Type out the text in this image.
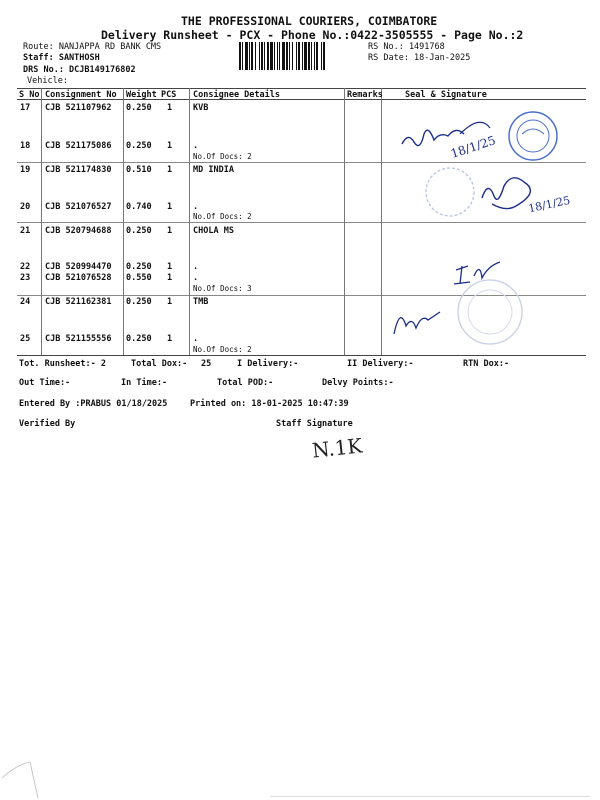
THE PROFESSIONAL COURIERS, COIMBATORE
Delivery Runsheet - PCX - Phone No.:0422-3505555 - Page No.:2
Route: NANJAPPA RD BANK CMS
Staff: SANTHOSH
DRS No.: DCJB149176802
Vehicle:
RS No.: 1491768
RS Date: 18-Jan-2025
S No Consignment No Weight PCS Consignee Details	Remarks	Seal & Signature
17 CJB 521107962 0.250 1 KVB
18 CJB 521175086 0.250 1 .
No.Of Docs: 2
19 CJB 521174830 0.510 1 MD INDIA
20 CJB 521076527 0.740 1 .
No.Of Docs: 2
21 CJB 520794688 0.250 1 CHOLA MS
22 CJB 520994470 0.250 1 .
23 CJB 521076528 0.550 1 .
No.Of Docs: 3
24 CJB 521162381 0.250 1 TMB
25 CJB 521155556 0.250 1 .
No.Of Docs: 2
18/1/25
18/1/25
Tot. Runsheet:- 2	Total Dox:- 25	I Delivery:-	II Delivery:-	RTN Dox:-
Out Time:-	In Time:-	Total POD:-	Delvy Points:-
Entered By :PRABUS 01/18/2025	Printed on: 18-01-2025 10:47:39
Verified By	Staff Signature
N.1K
